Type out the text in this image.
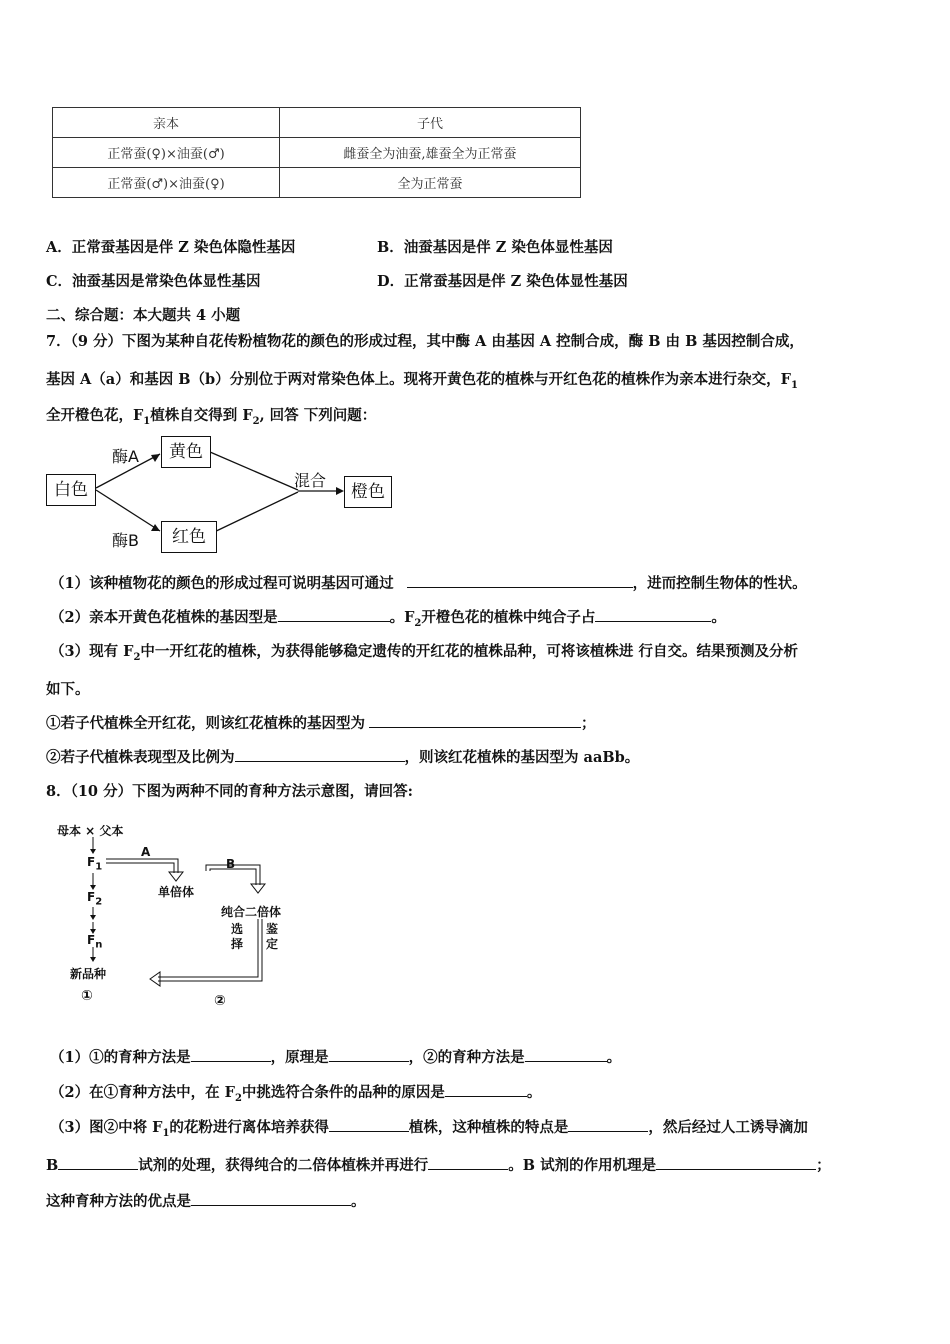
亲本	子代
正常蚕(♀)×油蚕(♂)	雌蚕全为油蚕,雄蚕全为正常蚕
正常蚕(♂)×油蚕(♀)	全为正常蚕
A．正常蚕基因是伴 Z 染色体隐性基因	B．油蚕基因是伴 Z 染色体显性基因
C．油蚕基因是常染色体显性基因	D．正常蚕基因是伴 Z 染色体显性基因
二、综合题：本大题共 4 小题
7．（9 分）下图为某种自花传粉植物花的颜色的形成过程，其中酶 A 由基因 A 控制合成，酶 B 由 B 基因控制合成，
基因 A（a）和基因 B（b）分别位于两对常染色体上。现将开黄色花的植株与开红色花的植株作为亲本进行杂交，$F_1$
全开橙色花，$F_1$植株自交得到 $F_2$, 回答 下列问题：
白色
黄色
红色
橙色
酶A
酶B
混合
（1）该种植物花的颜色的形成过程可说明基因可通过	，进而控制生物体的性状。
（2）亲本开黄色花植株的基因型是	。$F_2$开橙色花的植株中纯合子占	。
（3）现有 $F_2$中一开红花的植株，为获得能够稳定遗传的开红花的植株品种，可将该植株进 行自交。结果预测及分析
如下。
①若子代植株全开红花，则该红花植株的基因型为	；
②若子代植株表现型及比例为	，则该红花植株的基因型为 aaBb。
8．（10 分）下图为两种不同的育种方法示意图，请回答:
母本 × 父本
$F_1$
$F_2$
$F_n$
新品种
A
B
单倍体
纯合二倍体
选择
鉴定
①	②
（1）①的育种方法是	，原理是	，②的育种方法是	。
（2）在①育种方法中，在 $F_2$中挑选符合条件的品种的原因是	。
（3）图②中将 $F_1$的花粉进行离体培养获得	植株，这种植株的特点是	，然后经过人工诱导滴加
B	试剂的处理，获得纯合的二倍体植株并再进行	。B 试剂的作用机理是	；
这种育种方法的优点是	。
